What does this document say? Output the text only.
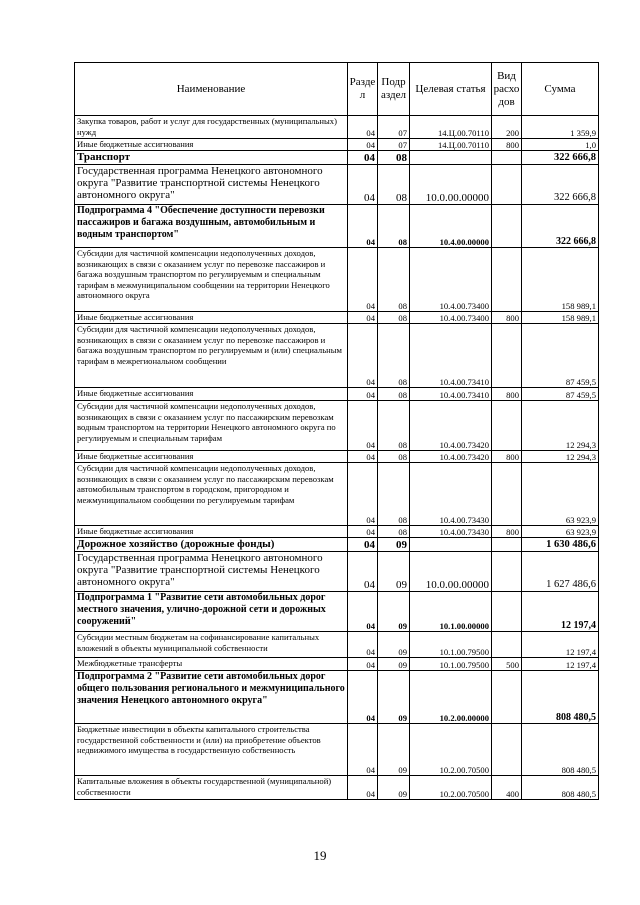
Наименование	Разде л	Подр аздел	Целевая статья	Вид расхо дов	Сумма
Закупка товаров, работ и услуг для государственных (муниципальных) нужд	04	07	14.Ц.00.70110	200	1 359,9
Иные бюджетные ассигнования	04	07	14.Ц.00.70110	800	1,0
Транспорт	04	08			322 666,8
Государственная программа Ненецкого автономного округа "Развитие транспортной системы Ненецкого автономного округа"	04	08	10.0.00.00000		322 666,8
Подпрограмма 4 "Обеспечение доступности перевозки пассажиров и багажа воздушным, автомобильным и водным транспортом"	04	08	10.4.00.00000		322 666,8
Субсидии для частичной компенсации недополученных доходов, возникающих в связи с оказанием услуг по перевозке пассажиров и багажа воздушным транспортом по регулируемым и специальным тарифам в межмуниципальном сообщении на территории Ненецкого автономного округа	04	08	10.4.00.73400		158 989,1
Иные бюджетные ассигнования	04	08	10.4.00.73400	800	158 989,1
Субсидии для частичной компенсации недополученных доходов, возникающих в связи с оказанием услуг по перевозке пассажиров и багажа воздушным транспортом по регулируемым и (или) специальным тарифам в межрегиональном сообщении	04	08	10.4.00.73410		87 459,5
Иные бюджетные ассигнования	04	08	10.4.00.73410	800	87 459,5
Субсидии для частичной компенсации недополученных доходов, возникающих в связи с оказанием услуг по пассажирским перевозкам водным транспортом на территории Ненецкого автономного округа по регулируемым и специальным тарифам	04	08	10.4.00.73420		12 294,3
Иные бюджетные ассигнования	04	08	10.4.00.73420	800	12 294,3
Субсидии для частичной компенсации недополученных доходов, возникающих в связи с оказанием услуг по пассажирским перевозкам автомобильным транспортом в городском, пригородном и межмуниципальном сообщении по регулируемым тарифам	04	08	10.4.00.73430		63 923,9
Иные бюджетные ассигнования	04	08	10.4.00.73430	800	63 923,9
Дорожное хозяйство (дорожные фонды)	04	09			1 630 486,6
Государственная программа Ненецкого автономного округа "Развитие транспортной системы Ненецкого автономного округа"	04	09	10.0.00.00000		1 627 486,6
Подпрограмма 1 "Развитие сети автомобильных дорог местного значения, улично-дорожной сети и дорожных сооружений"	04	09	10.1.00.00000		12 197,4
Субсидии местным бюджетам на софинансирование капитальных вложений в объекты муниципальной собственности	04	09	10.1.00.79500		12 197,4
Межбюджетные трансферты	04	09	10.1.00.79500	500	12 197,4
Подпрограмма 2 "Развитие сети автомобильных дорог общего пользования регионального и межмуниципального значения Ненецкого автономного округа"	04	09	10.2.00.00000		808 480,5
Бюджетные инвестиции в объекты капитального строительства государственной собственности и (или) на приобретение объектов недвижимого имущества в государственную собственность	04	09	10.2.00.70500		808 480,5
Капитальные вложения в объекты государственной (муниципальной) собственности	04	09	10.2.00.70500	400	808 480,5
19
